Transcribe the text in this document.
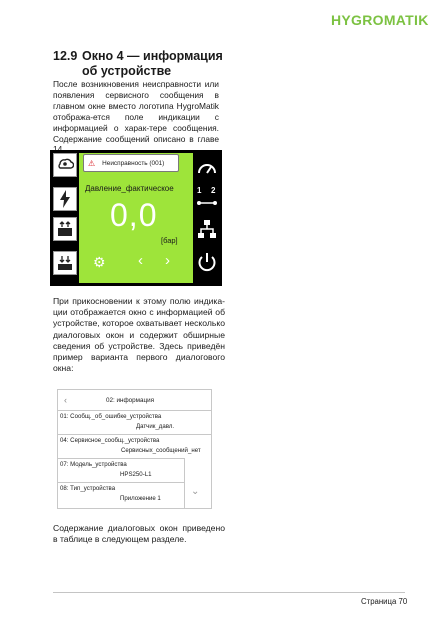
HYGROMATIK
12.9 Окно 4 — информация об устройстве
После возникновения неисправности или появления сервисного сообщения в главном окне вместо логотипа HygroMatik отобража-ется поле индикации с информацией о харак-тере сообщения. Содержание сообщений описано в главе
⚠ Неисправность (001)
Давление_фактическое
0,0
[бар]
⚙ ‹ ›
1 2
При прикосновении к этому полю индика-ции отображается окно с информацией об устройстве, которое охватывает несколько диалоговых окон и содержит обширные сведения об устройстве. Здесь приведён пример варианта первого диалогового окна:
‹	02: информация
01: Сообщ._об_ошибке_устройства
Датчик_давл.
04: Сервисное_сообщ._устройства
Сервисных_сообщений_нет
07: Модель_устройства
HPS250-L1
08: Тип_устройства
Приложение 1
⌄
Содержание диалоговых окон приведено в таблице в следующем разделе.
Страница 70
